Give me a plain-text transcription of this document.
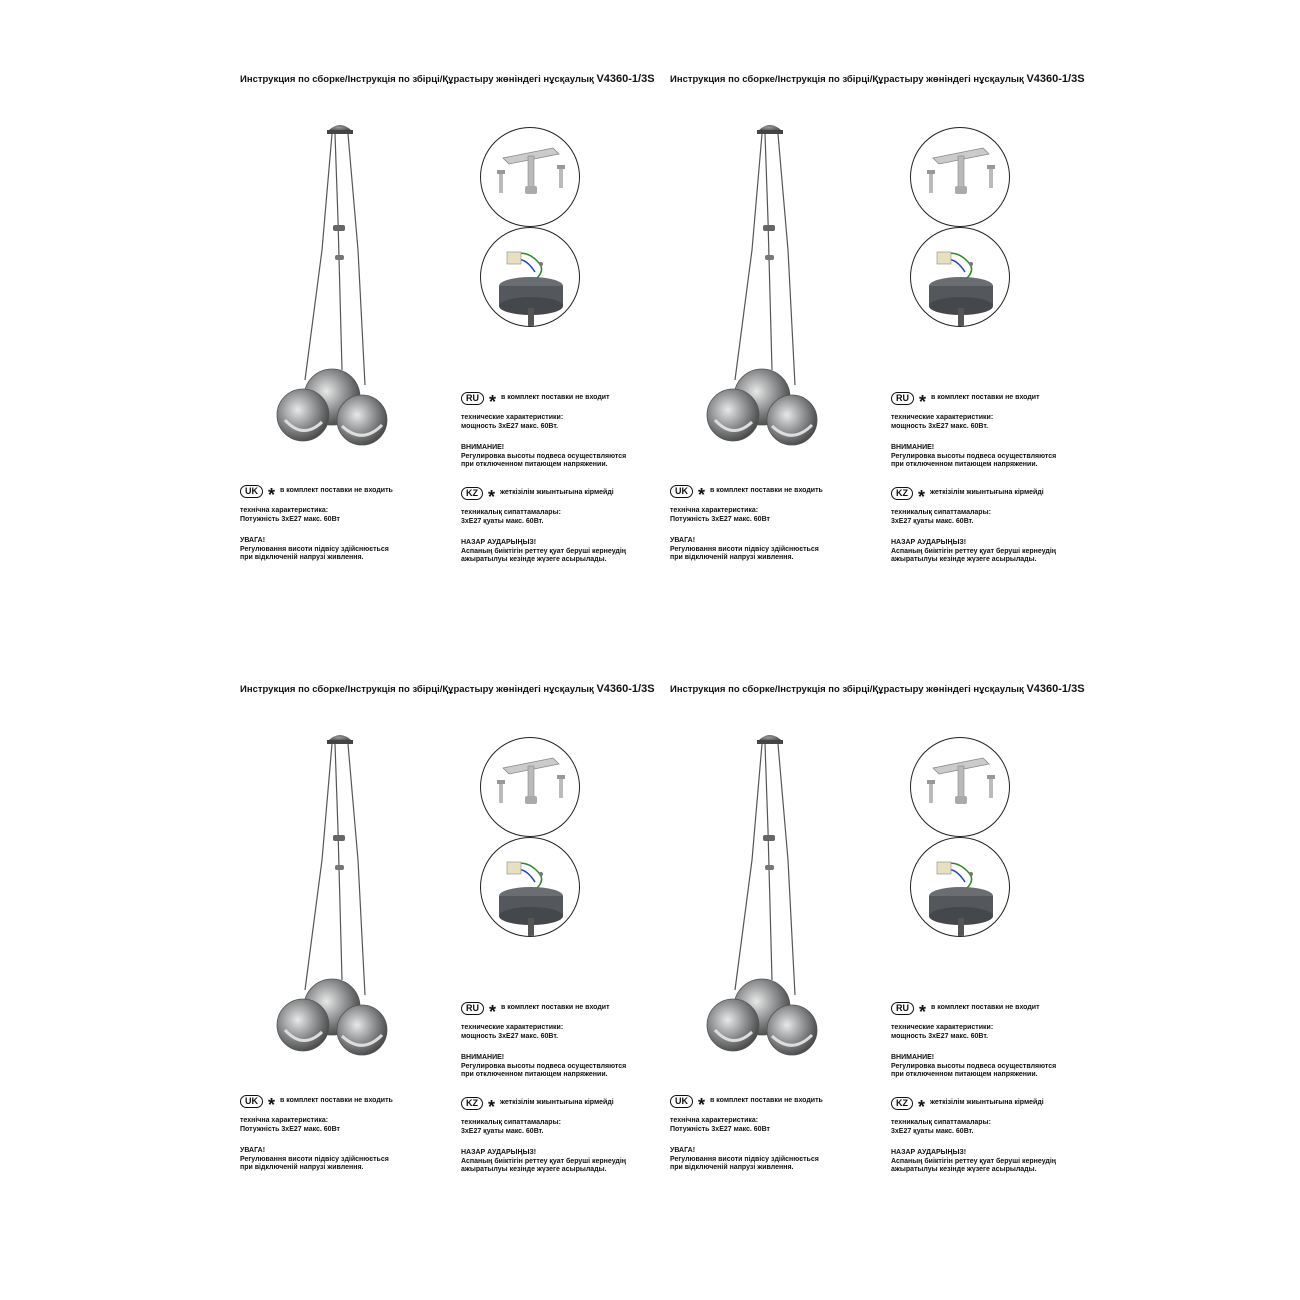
Инструкция по сборке/Інструкція по збірці/Құрастыру жөніндегі нұсқаулық V4360-1/3S
RU * в комплект поставки не входит
технические характеристики:
мощность 3хЕ27 макс. 60Вт.
ВНИМАНИЕ!
Регулировка высоты подвеса осуществляются
при отключенном питающем напряжении.
KZ * жеткізілім жиынтығына кірмейді
техникалық сипаттамалары:
3хЕ27 қуаты макс. 60Вт.
НАЗАР АУДАРЫҢЫЗ!
Аспаның биіктігін реттеу қуат беруші кернеудің
ажыратылуы кезінде жүзеге асырылады.
UK * в комплект поставки не входить
технічна характеристика:
Потужність 3хЕ27 макс. 60Вт
УВАГА!
Регулювання висоти підвісу здійснюється
при відключеній напрузі живлення.
Инструкция по сборке/Інструкція по збірці/Құрастыру жөніндегі нұсқаулық V4360-1/3S
RU * в комплект поставки не входит
технические характеристики:
мощность 3хЕ27 макс. 60Вт.
ВНИМАНИЕ!
Регулировка высоты подвеса осуществляются
при отключенном питающем напряжении.
KZ * жеткізілім жиынтығына кірмейді
техникалық сипаттамалары:
3хЕ27 қуаты макс. 60Вт.
НАЗАР АУДАРЫҢЫЗ!
Аспаның биіктігін реттеу қуат беруші кернеудің
ажыратылуы кезінде жүзеге асырылады.
UK * в комплект поставки не входить
технічна характеристика:
Потужність 3хЕ27 макс. 60Вт
УВАГА!
Регулювання висоти підвісу здійснюється
при відключеній напрузі живлення.
Инструкция по сборке/Інструкція по збірці/Құрастыру жөніндегі нұсқаулық V4360-1/3S
RU * в комплект поставки не входит
технические характеристики:
мощность 3хЕ27 макс. 60Вт.
ВНИМАНИЕ!
Регулировка высоты подвеса осуществляются
при отключенном питающем напряжении.
KZ * жеткізілім жиынтығына кірмейді
техникалық сипаттамалары:
3хЕ27 қуаты макс. 60Вт.
НАЗАР АУДАРЫҢЫЗ!
Аспаның биіктігін реттеу қуат беруші кернеудің
ажыратылуы кезінде жүзеге асырылады.
UK * в комплект поставки не входить
технічна характеристика:
Потужність 3хЕ27 макс. 60Вт
УВАГА!
Регулювання висоти підвісу здійснюється
при відключеній напрузі живлення.
Инструкция по сборке/Інструкція по збірці/Құрастыру жөніндегі нұсқаулық V4360-1/3S
RU * в комплект поставки не входит
технические характеристики:
мощность 3хЕ27 макс. 60Вт.
ВНИМАНИЕ!
Регулировка высоты подвеса осуществляются
при отключенном питающем напряжении.
KZ * жеткізілім жиынтығына кірмейді
техникалық сипаттамалары:
3хЕ27 қуаты макс. 60Вт.
НАЗАР АУДАРЫҢЫЗ!
Аспаның биіктігін реттеу қуат беруші кернеудің
ажыратылуы кезінде жүзеге асырылады.
UK * в комплект поставки не входить
технічна характеристика:
Потужність 3хЕ27 макс. 60Вт
УВАГА!
Регулювання висоти підвісу здійснюється
при відключеній напрузі живлення.
